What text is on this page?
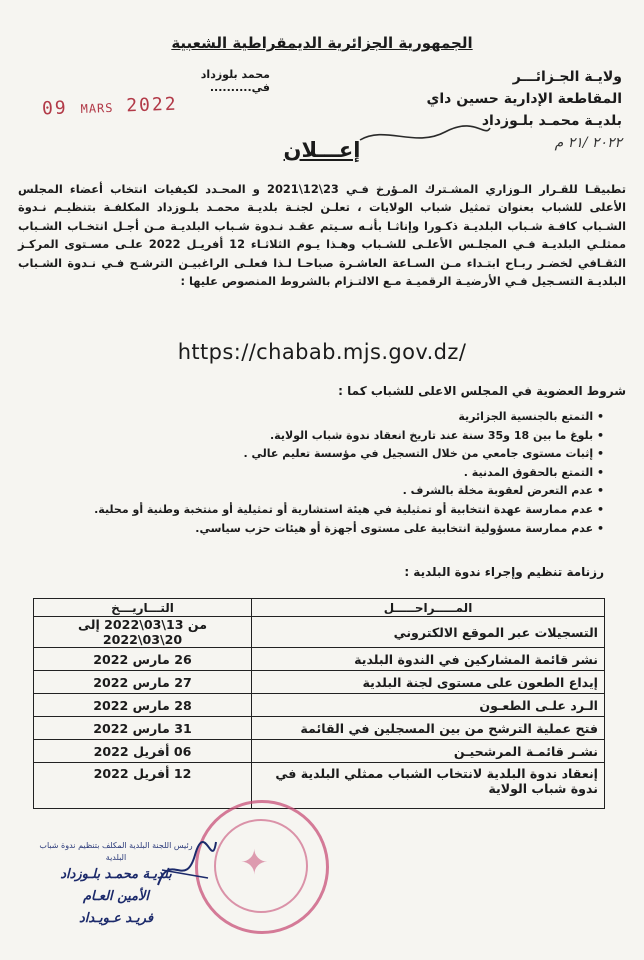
الجمهورية الجزائرية الديمقراطية الشعبية
ولايـة الجـزائـــر
المقاطعة الإدارية حسين داي
بلديـة محمـد بلـوزداد
٢٠٢٢ /٢١ م
محمد بلوزداد في..........
09 MARS 2022
إعـــلان
تطبيقـا للقـرار الـوزاري المشـترك المـؤرخ فـي 23\12\2021 و المحـدد لكيفيات انتخاب أعضاء المجلس الأعلى للشباب بعنوان تمثيل شباب الولايات ، تعلـن لجنـة بلديـة محمـد بلـوزداد المكلفـة بتنظيـم نـدوة الشـباب كافـة شـباب البلديـة ذكـورا وإناثـا بأنـه سـيتم عقـد نـدوة شـباب البلديـة مـن أجـل انتخـاب الشـباب ممثلـي البلديـة فـي المجلـس الأعلـى للشـباب وهـذا يـوم الثلاثـاء 12 أفريـل 2022 علـى مسـتوى المركـز الثقـافي لخضـر ربـاح ابتـداء مـن السـاعة العاشـرة صباحـا لـذا فعلـى الراغبيـن الترشـح فـي نـدوة الشـباب البلديـة التسـجيل فـي الأرضيـة الرقميـة مـع الالتـزام بالشروط المنصوص عليها :
https://chabab.mjs.gov.dz/
شروط العضوية في المجلس الاعلى للشباب كما :
• التمتع بالجنسية الجزائرية
• بلوغ ما بين 18 و35 سنة عند تاريخ انعقاد ندوة شباب الولاية.
• إثبات مستوى جامعي من خلال التسجيل في مؤسسة تعليم عالي .
• التمتع بالحقوق المدنية .
• عدم التعرض لعقوبة مخلة بالشرف .
• عدم ممارسة عهدة انتخابية أو تمثيلية في هيئة استشارية أو تمثيلية أو منتخبة وطنية أو محلية.
• عدم ممارسة مسؤولية انتخابية على مستوى أجهزة أو هيئات حزب سياسي.
رزنامة تنظيم وإجراء ندوة البلدية :
المـــــراحـــــل	التـــاريـــخ
التسجيلات عبر الموقع الالكتروني	من 13\03\2022 إلى 20\03\2022
نشر قائمة المشاركين في الندوة البلدية	26 مارس 2022
إيداع الطعون على مستوى لجنة البلدية	27 مارس 2022
الـرد علـى الطعـون	28 مارس 2022
فتح عملية الترشح من بين المسجلين في القائمة	31 مارس 2022
نشـر قائمـة المرشحيـن	06 أفريل 2022
إنعقاد ندوة البلدية لانتخاب الشباب ممثلي البلدية في ندوة شباب الولاية	12 أفريل 2022
✦
رئيس اللجنة البلدية المكلف بتنظيم ندوة شباب البلدية
بلديـة محمـد بلـوزداد
الأمين العـام
فريـد عـويـداد
